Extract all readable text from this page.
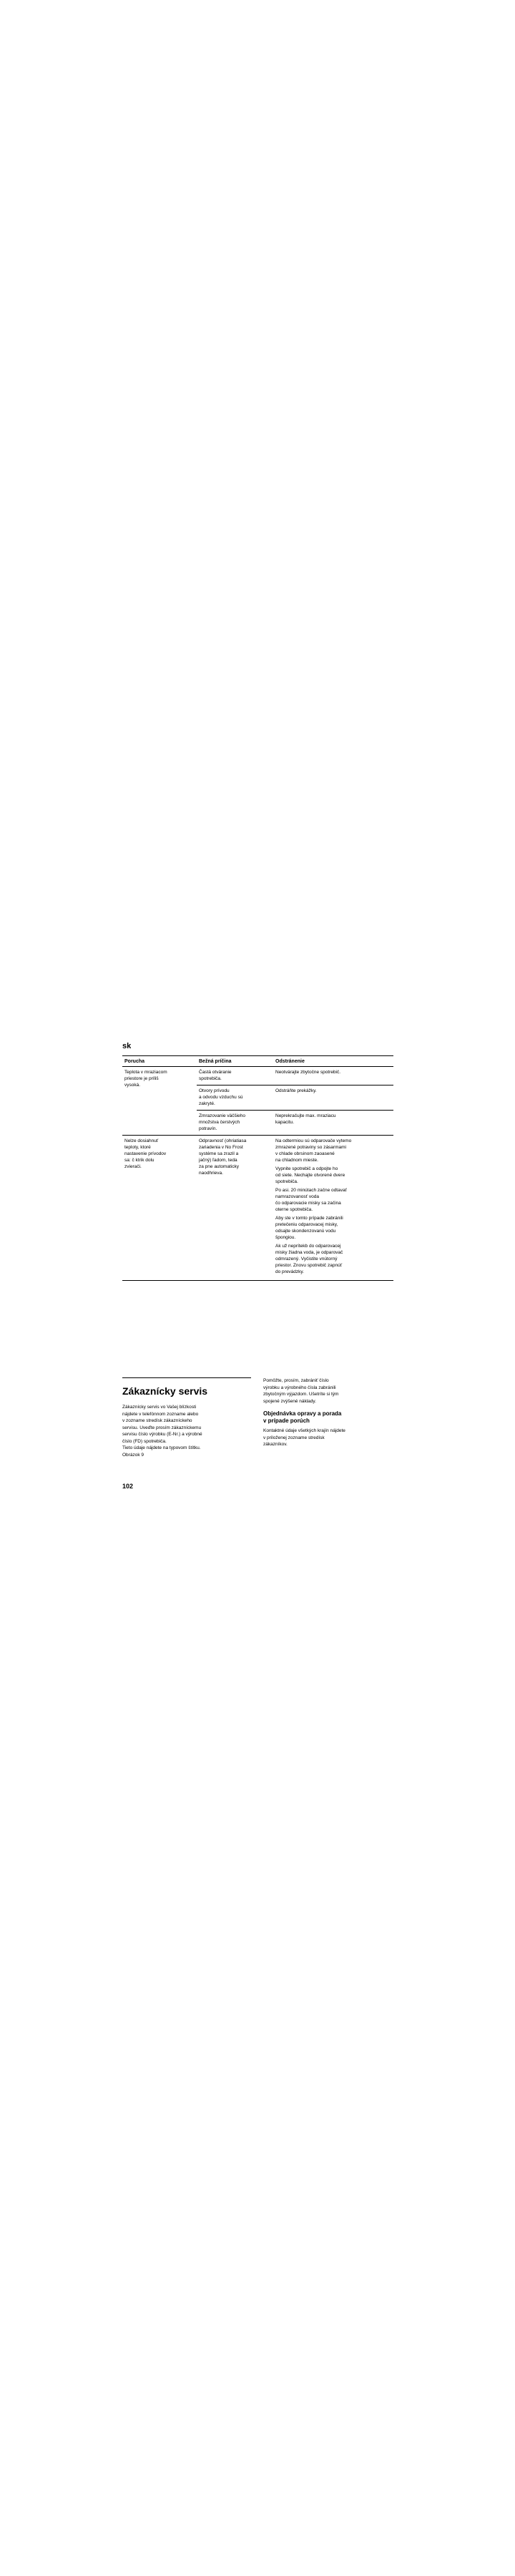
sk
Porucha	Bežná príčina	Odstránenie
Teplota v mraziacom
priestore je príliš
vysoká.
Častá otváranie
spotrebiča.
Neotvárajte zbytočne spotrebič.
Otvory prívodu
a odvodu vzduchu sú
zakryté.
Odstráňte prekážky.
Zmrazovanie väčšieho
množstva čerstvých
potravín.
Neprekračujte max. mraziacu
kapacitu.
Nelze dosiahnuť
teploty, ktoré
nastavenie prívodov
sa: č ktrik dolu
zvierači.
Odpravnosť (ohriatiasa
zariadenia v No Frost
systéme sa zrazil a
jačný) ľadom, teda
za pne automaticky
naodhrieva.
Na odtermiou sú odparovače vytemo
zmrazené potraviny so zásarmami
v chlade obrsinom zaoasené
na chladnom mieste.
Vypnite spotrebič a odpojte ho
od siete. Nechajte otvorené dvere
spotrebiča.
Po asi. 20 minútach začne odtavať
namrazovanosť voda
čo odparovacie misky sa začina
oterne spotrebiča.
Aby ste v tomto prípade zabránili
pretečeniu odparovacej misky,
odsajte skondenzovanú vodu
špongiou.
Ak už neprítekb do odparovacej
misky žiadna voda, je odparovač
odmrazený. Vyčistite vnútorný
priestor. Znovu spotrebič zapnúť
do prevádzky.
Zákaznícky servis
Zákaznícky servis vo Vašej blízkosti
nájdete v telefónnom zozname alebo
v zozname stredísk zákazníckeho
servisu. Uveďte prosím zákazníckemu
servisu číslo výrobku (E-Nr.) a výrobné
číslo (FD) spotrebiča.
Tieto údaje nájdete na typovom štítku.
Obrázok 9
Pomôžte, prosím, zabrániť číslo
výrobku a výrobného čísla zabránili
zbytočným výjazdom. Ušetríte si tým
spojené zvýšené náklady.
Objednávka opravy a porada
v prípade porúch
Kontaktné údaje všetkých krajín nájdete
v priloženej zozname stredísk
zákazníkov.
102
